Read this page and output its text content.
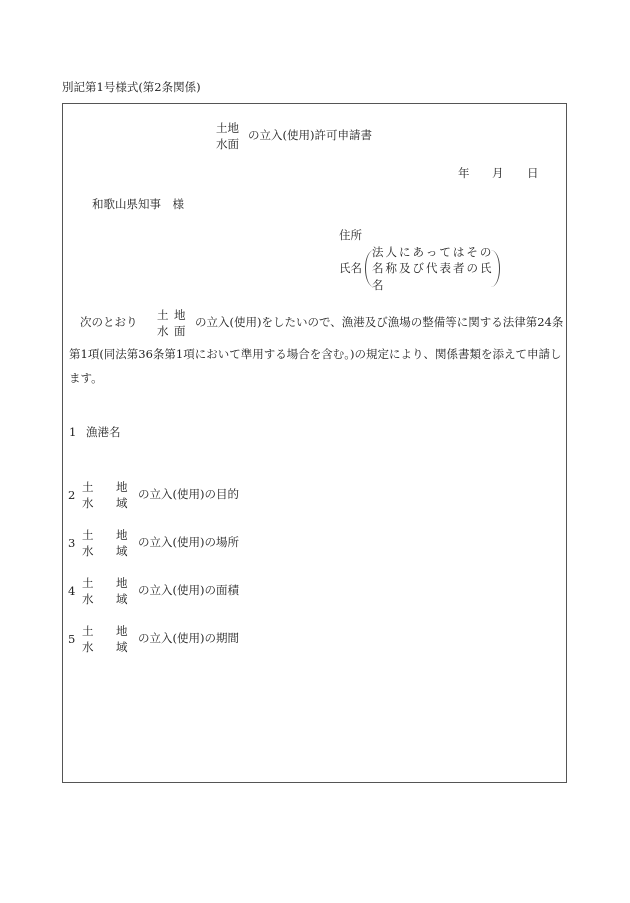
別記第1号様式(第2条関係)
土地
水面
の立入(使用)許可申請書
年 月 日
和歌山県知事　様
住所
氏名
法人にあってはその
名称及び代表者の氏名
次のとおり 土 地
水 面
の立入(使用)をしたいので、漁港及び漁場の整備等に関する法律第24条
第1項(同法第36条第1項において準用する場合を含む。)の規定により、関係書類を添えて申請し
ます。
1 漁港名
2
土 地
水 域
の立入(使用)の目的
3
土 地
水 域
の立入(使用)の場所
4
土 地
水 域
の立入(使用)の面積
5
土 地
水 域
の立入(使用)の期間
